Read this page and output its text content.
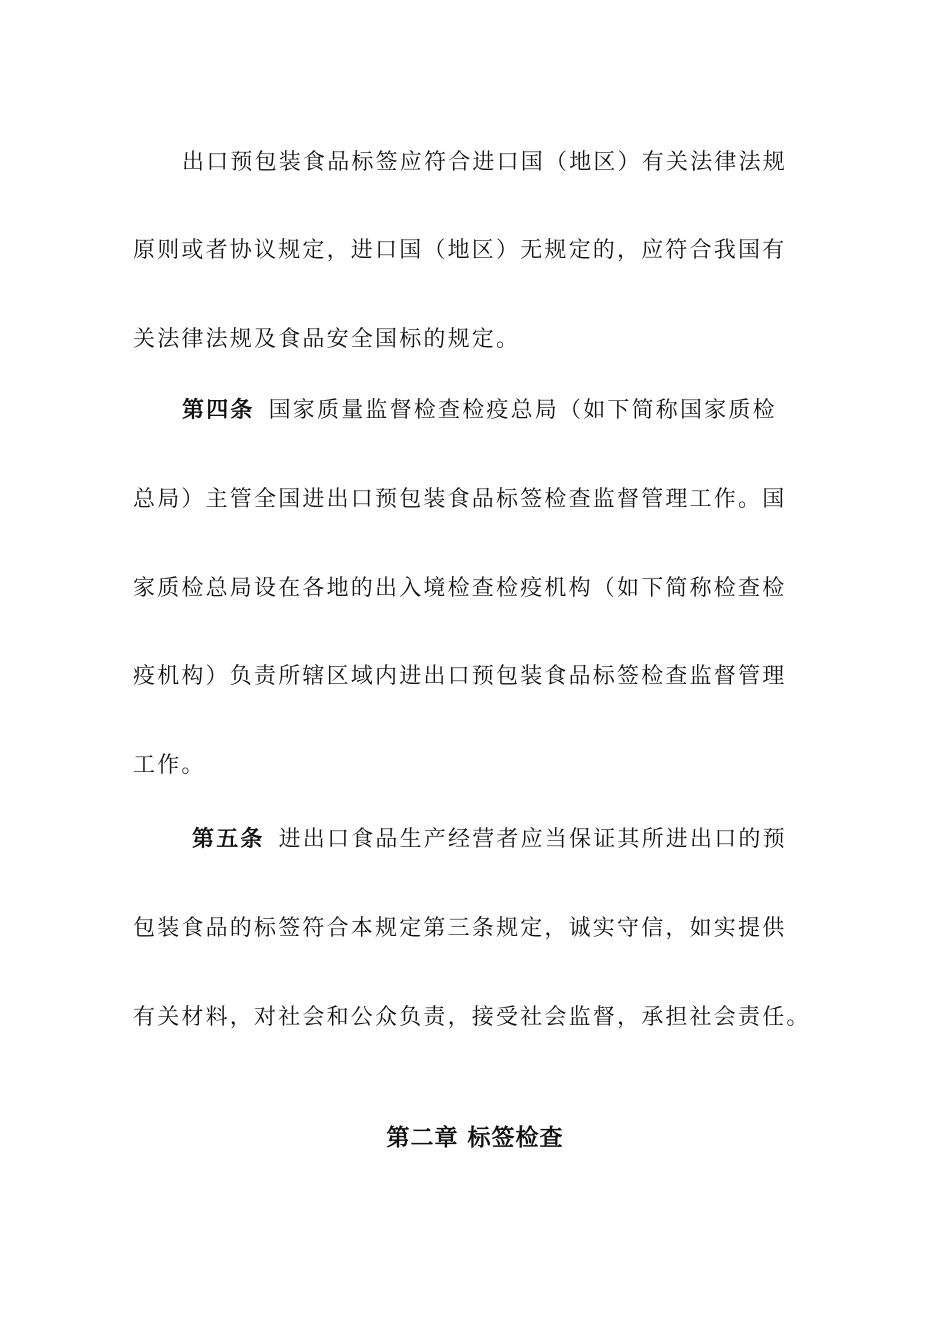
出口预包装食品标签应符合进口国（地区）有关法律法规
原则或者协议规定，进口国（地区）无规定的，应符合我国有
关法律法规及食品安全国标的规定。
第四条 国家质量监督检查检疫总局（如下简称国家质检
总局）主管全国进出口预包装食品标签检查监督管理工作。国
家质检总局设在各地的出入境检查检疫机构（如下简称检查检
疫机构）负责所辖区域内进出口预包装食品标签检查监督管理
工作。
第五条 进出口食品生产经营者应当保证其所进出口的预
包装食品的标签符合本规定第三条规定，诚实守信，如实提供
有关材料，对社会和公众负责，接受社会监督，承担社会责任。
第二章 标签检查
